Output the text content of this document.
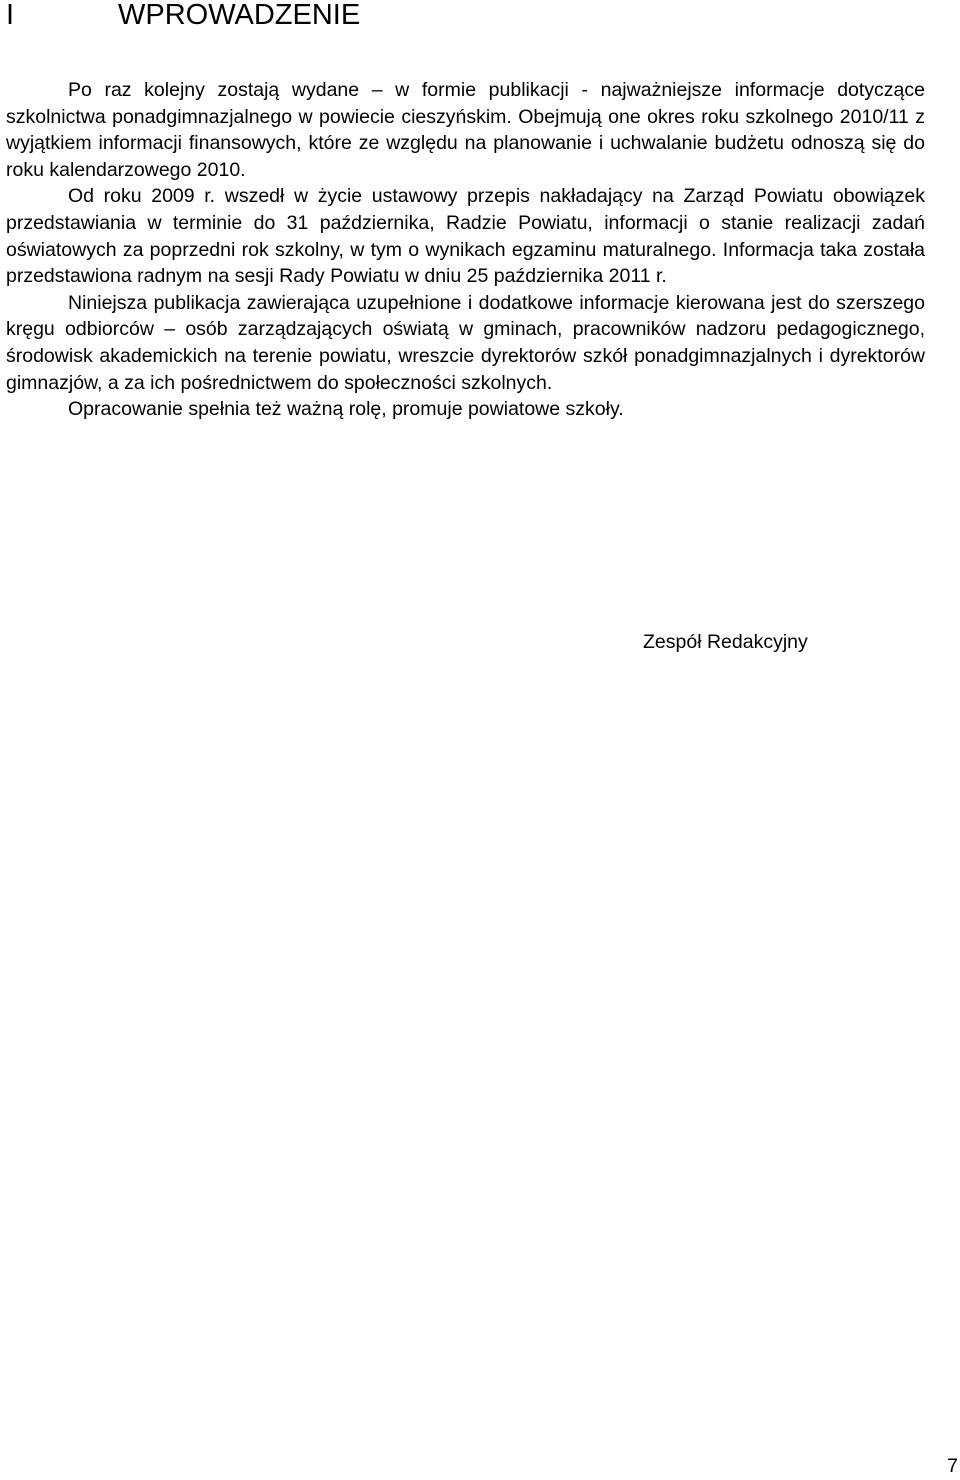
I	WPROWADZENIE

Po raz kolejny zostają wydane – w formie publikacji - najważniejsze informacje dotyczące szkolnictwa ponadgimnazjalnego w powiecie cieszyńskim. Obejmują one okres roku szkolnego 2010/11 z wyjątkiem informacji finansowych, które ze względu na planowanie i uchwalanie budżetu odnoszą się do roku kalendarzowego 2010.

Od roku 2009 r. wszedł w życie ustawowy przepis nakładający na Zarząd Powiatu obowiązek przedstawiania w terminie do 31 października, Radzie Powiatu, informacji o stanie realizacji zadań oświatowych za poprzedni rok szkolny, w tym o wynikach egzaminu maturalnego. Informacja taka została przedstawiona radnym na sesji Rady Powiatu w dniu 25 października 2011 r.

Niniejsza publikacja zawierająca uzupełnione i dodatkowe informacje kierowana jest do szerszego kręgu odbiorców – osób zarządzających oświatą w gminach, pracowników nadzoru pedagogicznego, środowisk akademickich na terenie powiatu, wreszcie dyrektorów szkół ponadgimnazjalnych i dyrektorów gimnazjów, a za ich pośrednictwem do społeczności szkolnych.

Opracowanie spełnia też ważną rolę, promuje powiatowe szkoły.

Zespół Redakcyjny
7
